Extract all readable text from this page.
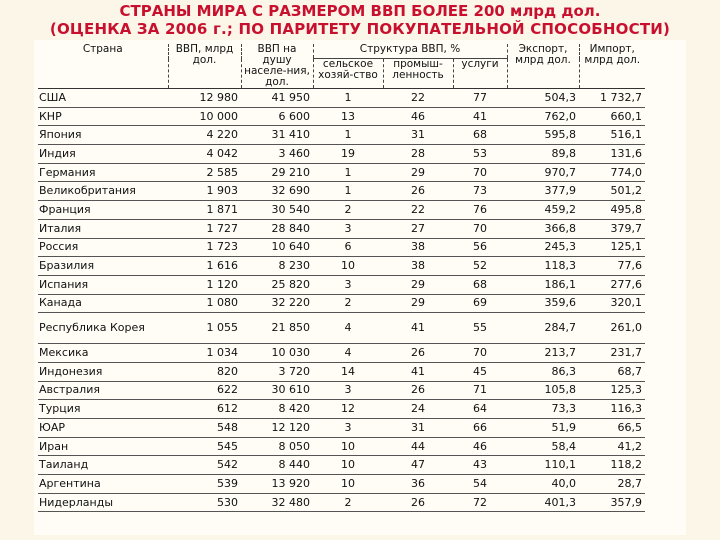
СТРАНЫ МИРА С РАЗМЕРОМ ВВП БОЛЕЕ 200 млрд дол.
(ОЦЕНКА ЗА 2006 г.; ПО ПАРИТЕТУ ПОКУПАТЕЛЬНОЙ СПОСОБНОСТИ)
Страна	ВВП, млрд дол.	ВВП на душу населе-ния, дол.	Структура ВВП, %			Экспорт, млрд дол.	Импорт, млрд дол.
			сельское хозяй-ство	промыш-ленность	услуги		
США	12 980	41 950	1	22	77	504,3	1 732,7
КНР	10 000	6 600	13	46	41	762,0	660,1
Япония	4 220	31 410	1	31	68	595,8	516,1
Индия	4 042	3 460	19	28	53	89,8	131,6
Германия	2 585	29 210	1	29	70	970,7	774,0
Великобритания	1 903	32 690	1	26	73	377,9	501,2
Франция	1 871	30 540	2	22	76	459,2	495,8
Италия	1 727	28 840	3	27	70	366,8	379,7
Россия	1 723	10 640	6	38	56	245,3	125,1
Бразилия	1 616	8 230	10	38	52	118,3	77,6
Испания	1 120	25 820	3	29	68	186,1	277,6
Канада	1 080	32 220	2	29	69	359,6	320,1
Республика Корея	1 055	21 850	4	41	55	284,7	261,0
Мексика	1 034	10 030	4	26	70	213,7	231,7
Индонезия	820	3 720	14	41	45	86,3	68,7
Австралия	622	30 610	3	26	71	105,8	125,3
Турция	612	8 420	12	24	64	73,3	116,3
ЮАР	548	12 120	3	31	66	51,9	66,5
Иран	545	8 050	10	44	46	58,4	41,2
Таиланд	542	8 440	10	47	43	110,1	118,2
Аргентина	539	13 920	10	36	54	40,0	28,7
Нидерланды	530	32 480	2	26	72	401,3	357,9
